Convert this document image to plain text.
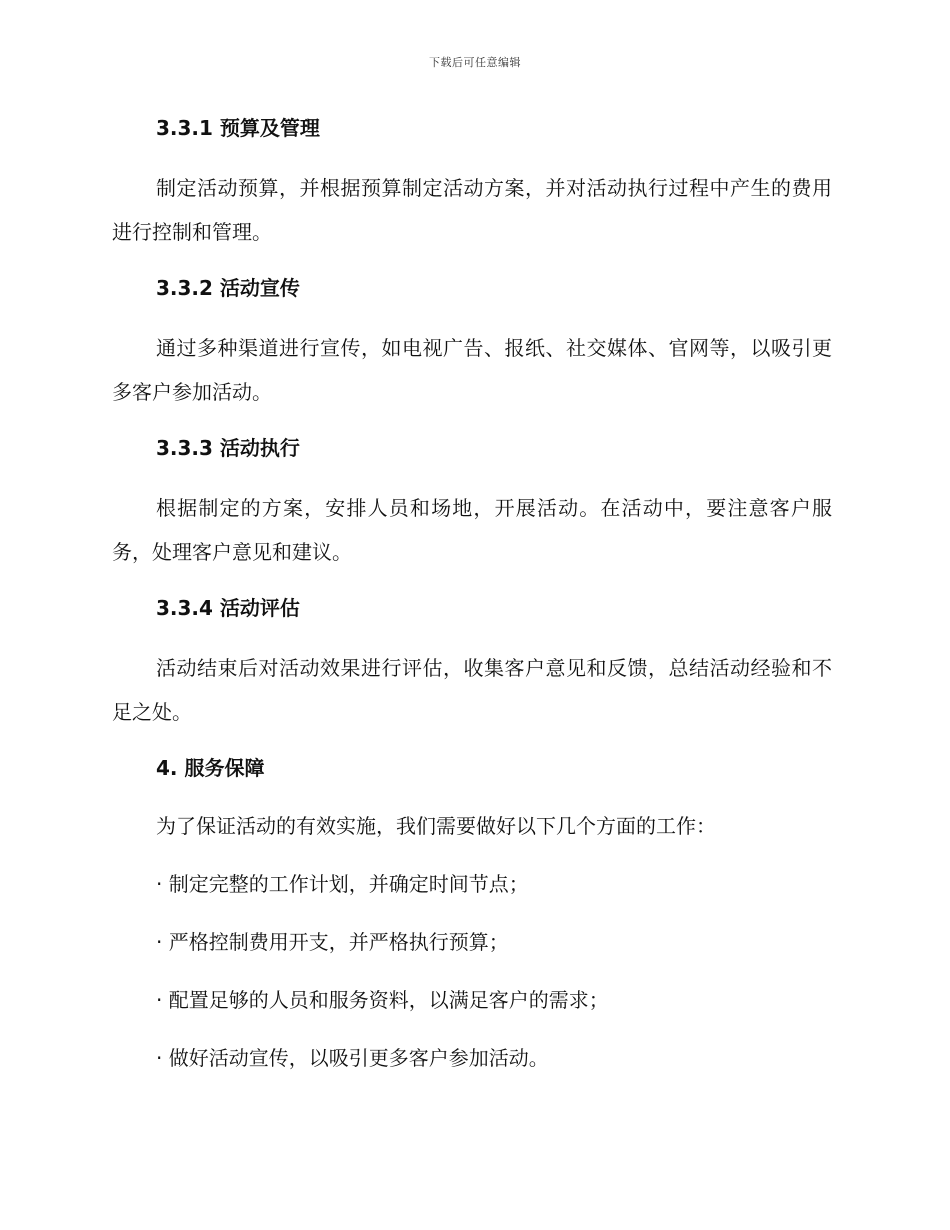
下载后可任意编辑
3.3.1 预算及管理

制定活动预算，并根据预算制定活动方案，并对活动执行过程中产生的费用进行控制和管理。

3.3.2 活动宣传

通过多种渠道进行宣传，如电视广告、报纸、社交媒体、官网等，以吸引更多客户参加活动。

3.3.3 活动执行

根据制定的方案，安排人员和场地，开展活动。在活动中，要注意客户服务，处理客户意见和建议。

3.3.4 活动评估

活动结束后对活动效果进行评估，收集客户意见和反馈，总结活动经验和不足之处。

4. 服务保障
为了保证活动的有效实施，我们需要做好以下几个方面的工作：
· 制定完整的工作计划，并确定时间节点；
· 严格控制费用开支，并严格执行预算；
· 配置足够的人员和服务资料，以满足客户的需求；
· 做好活动宣传，以吸引更多客户参加活动。
